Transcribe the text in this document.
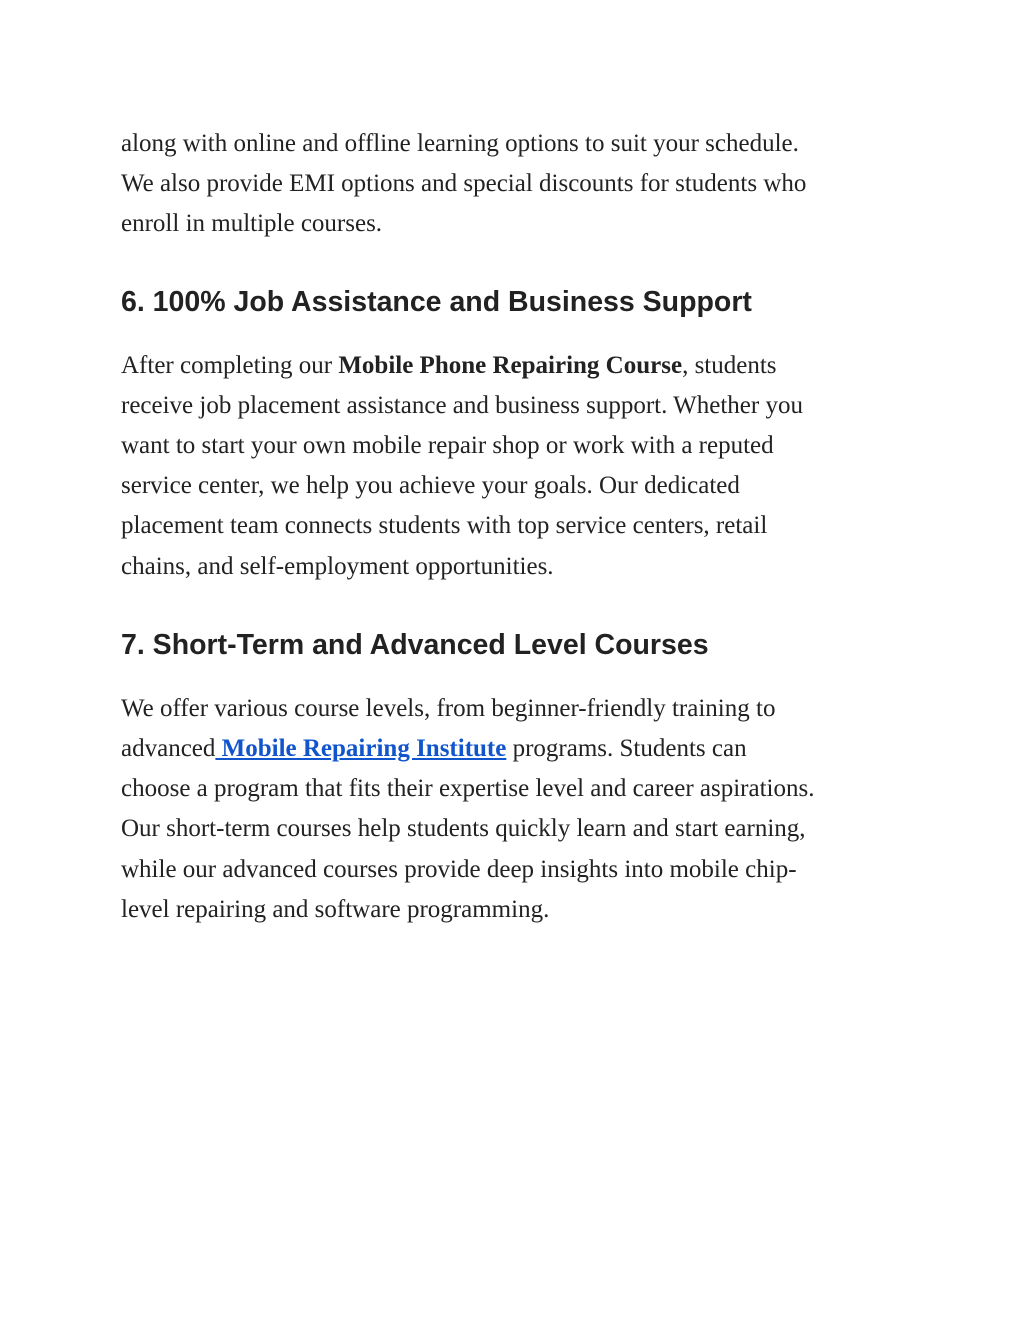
along with online and offline learning options to suit your schedule.
We also provide EMI options and special discounts for students who
enroll in multiple courses.

6. 100% Job Assistance and Business Support

After completing our Mobile Phone Repairing Course, students
receive job placement assistance and business support. Whether you
want to start your own mobile repair shop or work with a reputed
service center, we help you achieve your goals. Our dedicated
placement team connects students with top service centers, retail
chains, and self-employment opportunities.

7. Short-Term and Advanced Level Courses

We offer various course levels, from beginner-friendly training to
advanced Mobile Repairing Institute programs. Students can
choose a program that fits their expertise level and career aspirations.
Our short-term courses help students quickly learn and start earning,
while our advanced courses provide deep insights into mobile chip-
level repairing and software programming.
